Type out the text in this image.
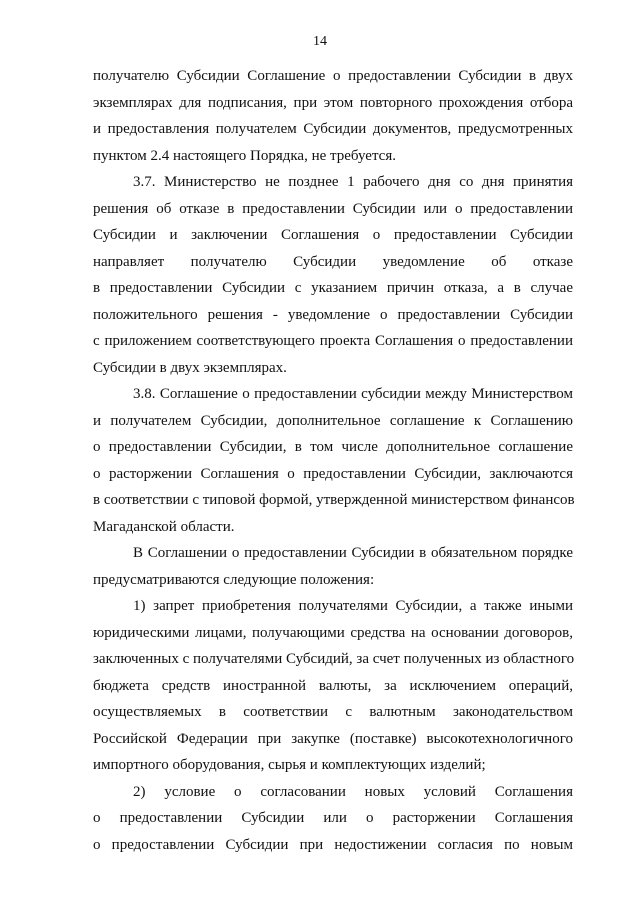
14
получателю Субсидии Соглашение о предоставлении Субсидии в двух
экземплярах для подписания, при этом повторного прохождения отбора
и предоставления получателем Субсидии документов, предусмотренных
пунктом 2.4 настоящего Порядка, не требуется.
3.7. Министерство не позднее 1 рабочего дня со дня принятия
решения об отказе в предоставлении Субсидии или о предоставлении
Субсидии и заключении Соглашения о предоставлении Субсидии
направляет получателю Субсидии уведомление об отказе
в предоставлении Субсидии с указанием причин отказа, а в случае
положительного решения - уведомление о предоставлении Субсидии
с приложением соответствующего проекта Соглашения о предоставлении
Субсидии в двух экземплярах.
3.8. Соглашение о предоставлении субсидии между Министерством
и получателем Субсидии, дополнительное соглашение к Соглашению
о предоставлении Субсидии, в том числе дополнительное соглашение
о расторжении Соглашения о предоставлении Субсидии, заключаются
в соответствии с типовой формой, утвержденной министерством финансов
Магаданской области.
В Соглашении о предоставлении Субсидии в обязательном порядке
предусматриваются следующие положения:
1) запрет приобретения получателями Субсидии, а также иными
юридическими лицами, получающими средства на основании договоров,
заключенных с получателями Субсидий, за счет полученных из областного
бюджета средств иностранной валюты, за исключением операций,
осуществляемых в соответствии с валютным законодательством
Российской Федерации при закупке (поставке) высокотехнологичного
импортного оборудования, сырья и комплектующих изделий;
2) условие о согласовании новых условий Соглашения
о предоставлении Субсидии или о расторжении Соглашения
о предоставлении Субсидии при недостижении согласия по новым
